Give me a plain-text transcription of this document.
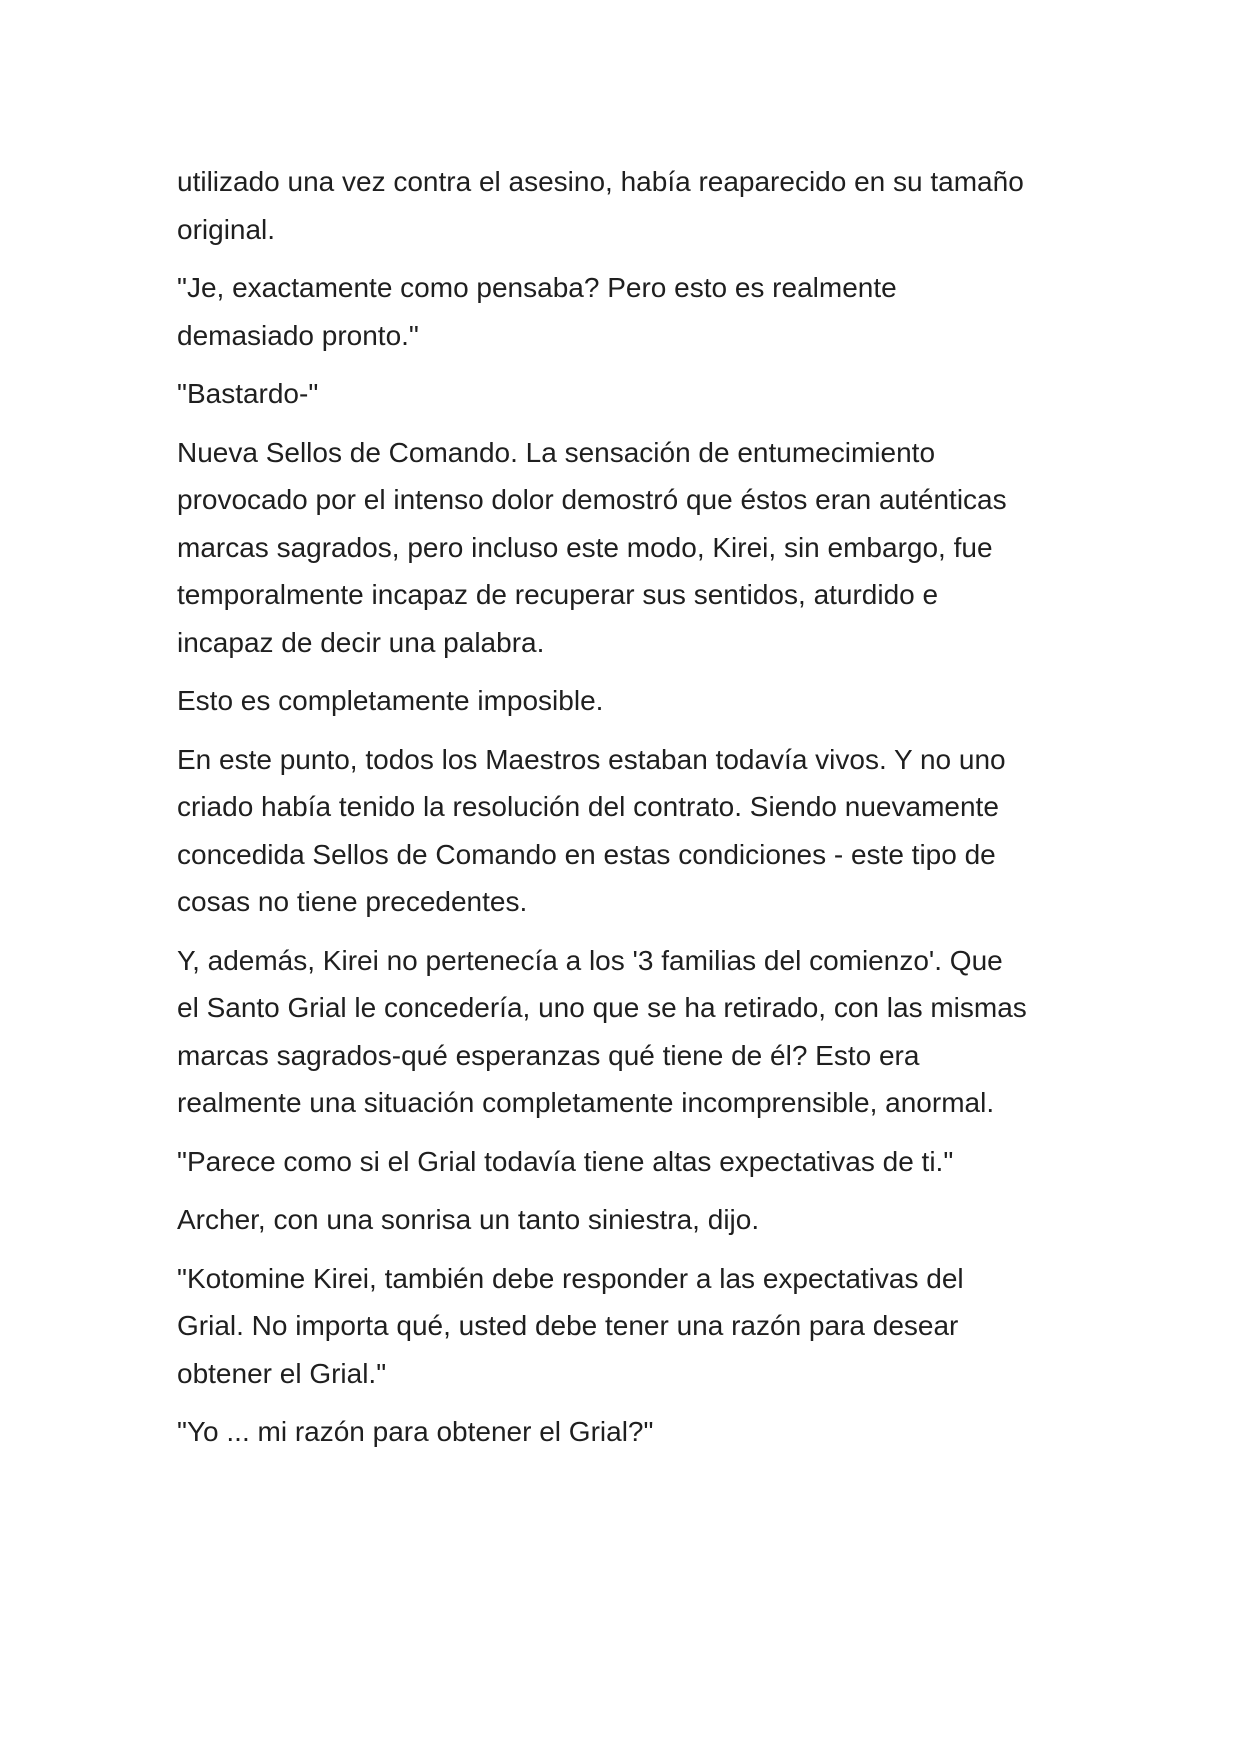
utilizado una vez contra el asesino, había reaparecido en su tamaño
original.

"Je, exactamente como pensaba? Pero esto es realmente
demasiado pronto."

"Bastardo-"

Nueva Sellos de Comando. La sensación de entumecimiento
provocado por el intenso dolor demostró que éstos eran auténticas
marcas sagrados, pero incluso este modo, Kirei, sin embargo, fue
temporalmente incapaz de recuperar sus sentidos, aturdido e
incapaz de decir una palabra.

Esto es completamente imposible.

En este punto, todos los Maestros estaban todavía vivos. Y no uno
criado había tenido la resolución del contrato. Siendo nuevamente
concedida Sellos de Comando en estas condiciones - este tipo de
cosas no tiene precedentes.

Y, además, Kirei no pertenecía a los '3 familias del comienzo'. Que
el Santo Grial le concedería, uno que se ha retirado, con las mismas
marcas sagrados-qué esperanzas qué tiene de él? Esto era
realmente una situación completamente incomprensible, anormal.

"Parece como si el Grial todavía tiene altas expectativas de ti."

Archer, con una sonrisa un tanto siniestra, dijo.

"Kotomine Kirei, también debe responder a las expectativas del
Grial. No importa qué, usted debe tener una razón para desear
obtener el Grial."

"Yo ... mi razón para obtener el Grial?"
